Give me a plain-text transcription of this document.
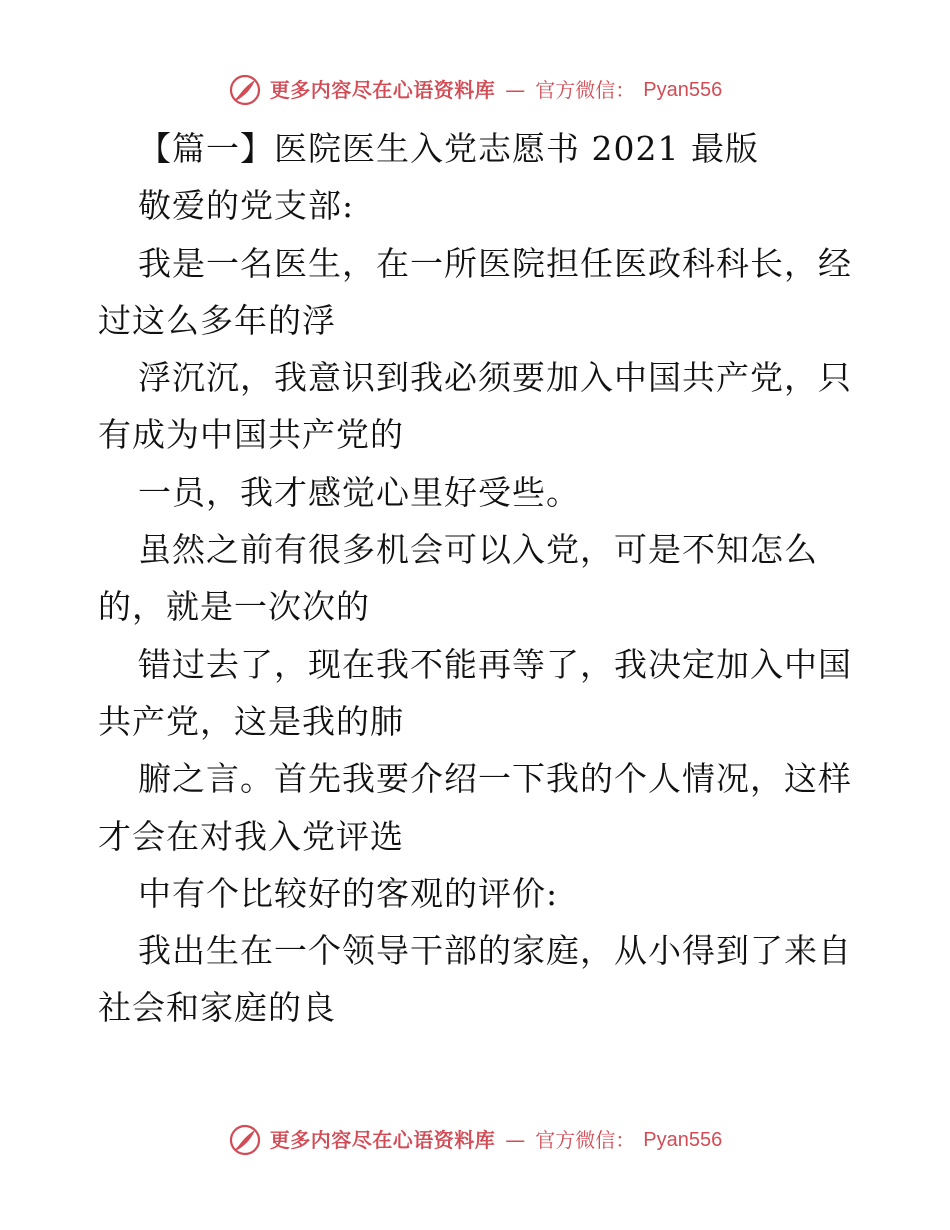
更多内容尽在心语资料库 — 官方微信： Pyan556
【篇一】医院医生入党志愿书 2021 最版
敬爱的党支部:
我是一名医生，在一所医院担任医政科科长，经
过这么多年的浮
浮沉沉，我意识到我必须要加入中国共产党，只
有成为中国共产党的
一员，我才感觉心里好受些。
虽然之前有很多机会可以入党，可是不知怎么
的，就是一次次的
错过去了，现在我不能再等了，我决定加入中国
共产党，这是我的肺
腑之言。首先我要介绍一下我的个人情况，这样
才会在对我入党评选
中有个比较好的客观的评价:
我出生在一个领导干部的家庭，从小得到了来自
社会和家庭的良
更多内容尽在心语资料库 — 官方微信： Pyan556
